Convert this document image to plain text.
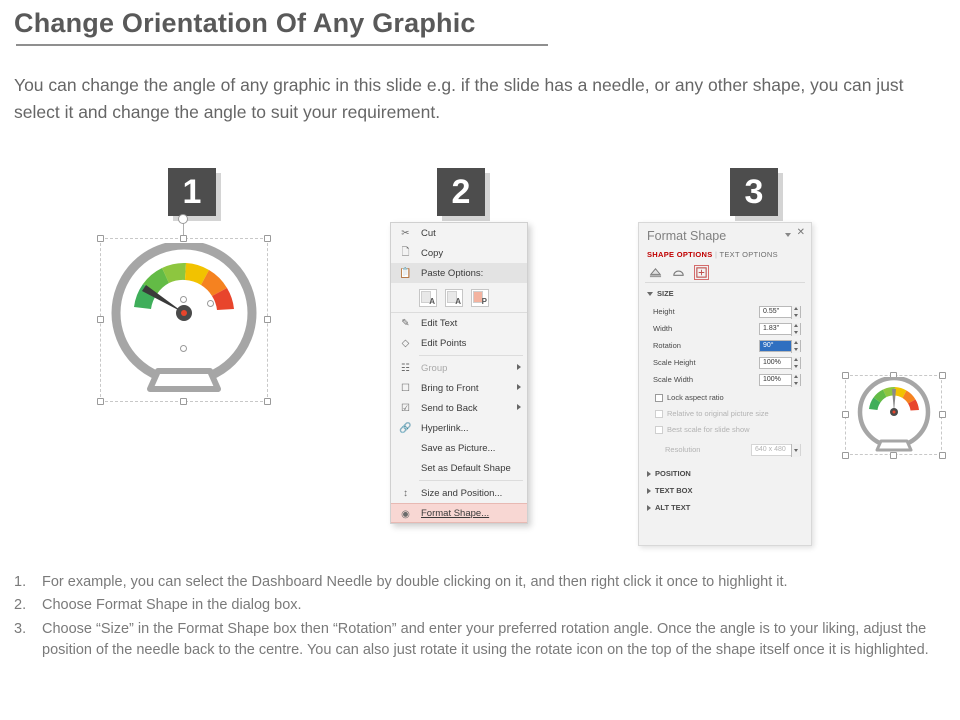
Change Orientation Of Any Graphic
You can change the angle of any graphic in this slide e.g. if the slide has a needle, or any other shape, you can just select it and change the angle to suit your requirement.
1	2	3
✂ Cut
🗋 Copy
📋 Paste Options:
A	A	P
✎ Edit Text
◇ Edit Points
☷ Group
☐ Bring to Front
☑ Send to Back
🔗 Hyperlink...
Save as Picture...
Set as Default Shape
↕	Size and Position...
◉ Format Shape...
Format Shape	✕
SHAPE OPTIONS | TEXT OPTIONS
SIZE
Height	0.55"
Width	1.83"
Rotation	90°
Scale Height	100%
Scale Width	100%
Lock aspect ratio
Relative to original picture size
Best scale for slide show
Resolution	640 x 480
POSITION
TEXT BOX
ALT TEXT
1.	For example, you can select the Dashboard Needle by double clicking on it, and then right click it once to highlight it.
2.	Choose Format Shape in the dialog box.
3.	Choose “Size” in the Format Shape box then “Rotation” and enter your preferred rotation angle. Once the angle is to your liking, adjust the position of the needle back to the centre. You can also just rotate it using the rotate icon on the top of the shape itself once it is highlighted.
